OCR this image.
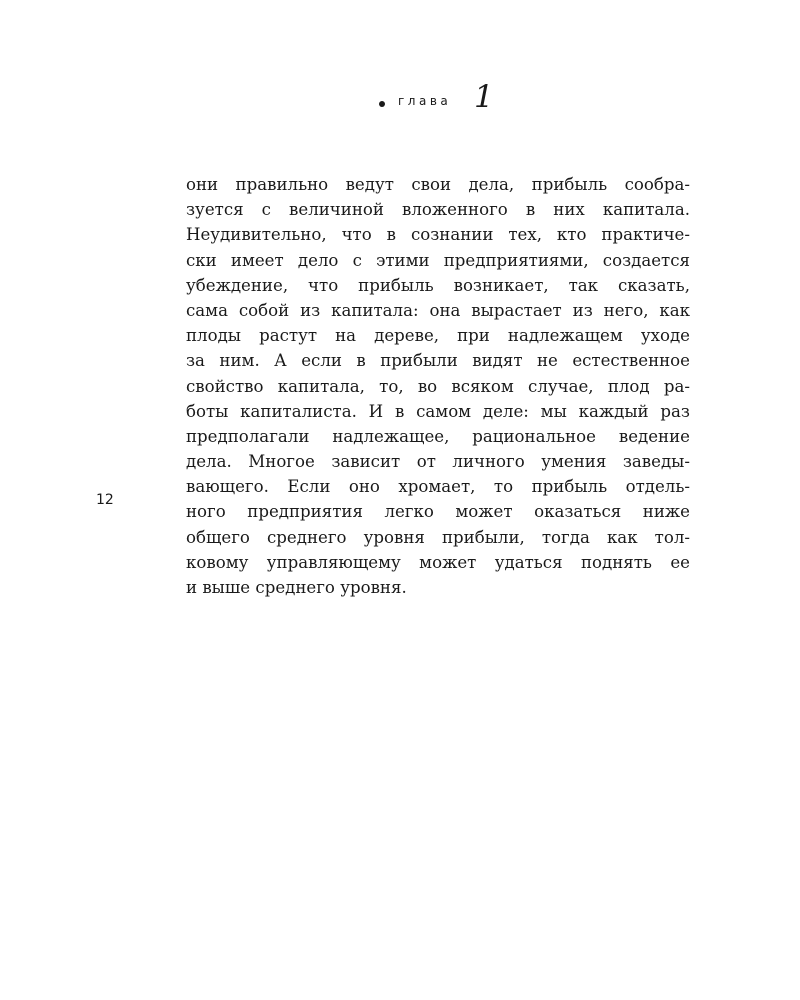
глава 1
12
они правильно ведут свои дела, прибыль сообра-
зуется с величиной вложенного в них капитала.
Неудивительно, что в сознании тех, кто практиче-
ски имеет дело с этими предприятиями, создается
убеждение, что прибыль возникает, так сказать,
сама собой из капитала: она вырастает из него, как
плоды растут на дереве, при надлежащем уходе
за ним. А если в прибыли видят не естественное
свойство капитала, то, во всяком случае, плод ра-
боты капиталиста. И в самом деле: мы каждый раз
предполагали надлежащее, рациональное ведение
дела. Многое зависит от личного умения заведы-
вающего. Если оно хромает, то прибыль отдель-
ного предприятия легко может оказаться ниже
общего среднего уровня прибыли, тогда как тол-
ковому управляющему может удаться поднять ее
и выше среднего уровня.
